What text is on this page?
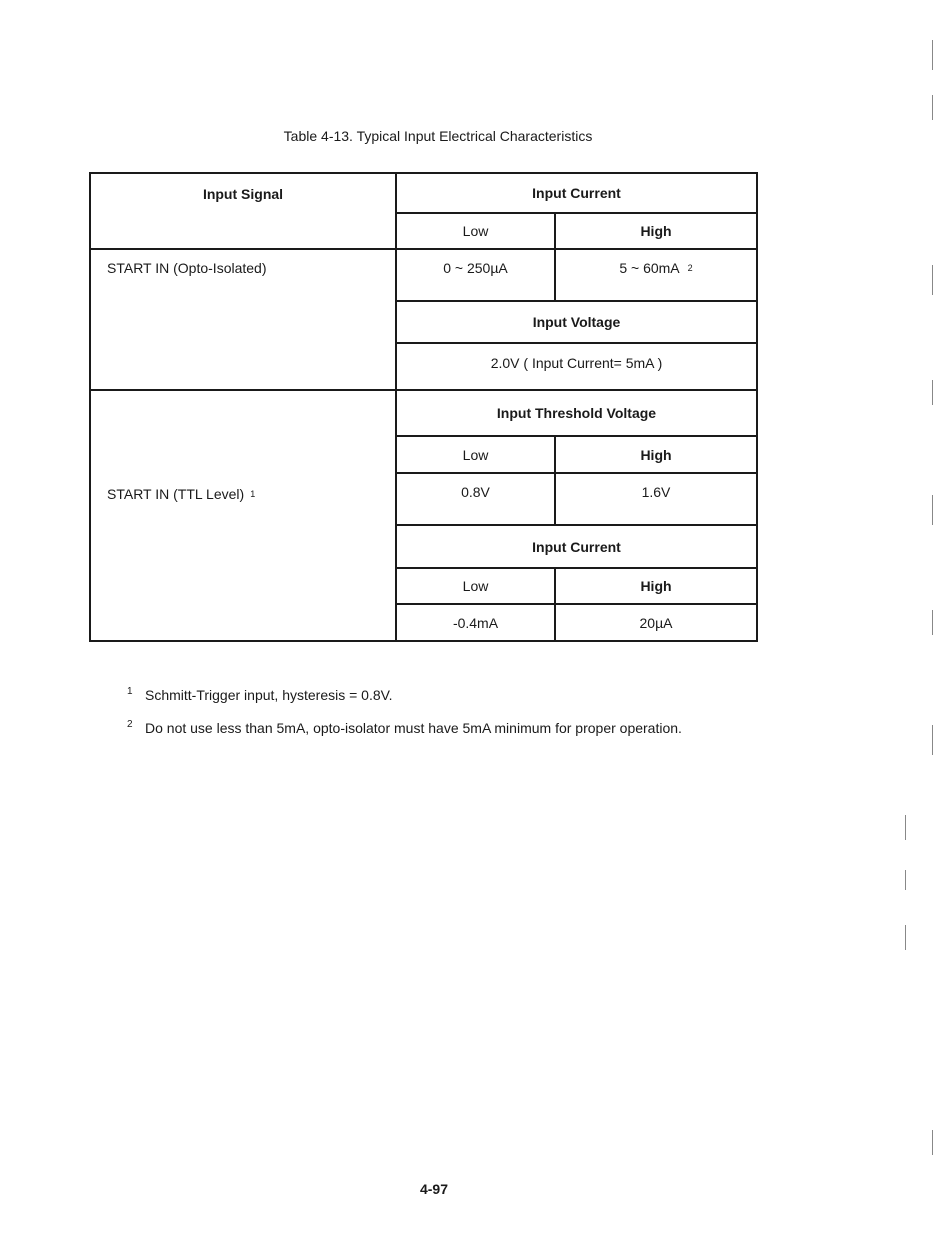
Table 4-13. Typical Input Electrical Characteristics
Input Signal	Input Current
Low	High
START IN (Opto-Isolated)	0 ~ 250µA	5 ~ 60mA 2
Input Voltage
2.0V ( Input Current= 5mA )
START IN (TTL Level) 1
Input Threshold Voltage
Low	High
0.8V	1.6V
Input Current
Low	High
-0.4mA	20µA
1 Schmitt-Trigger input, hysteresis = 0.8V.
2 Do not use less than 5mA, opto-isolator must have 5mA minimum for proper operation.
4-97
